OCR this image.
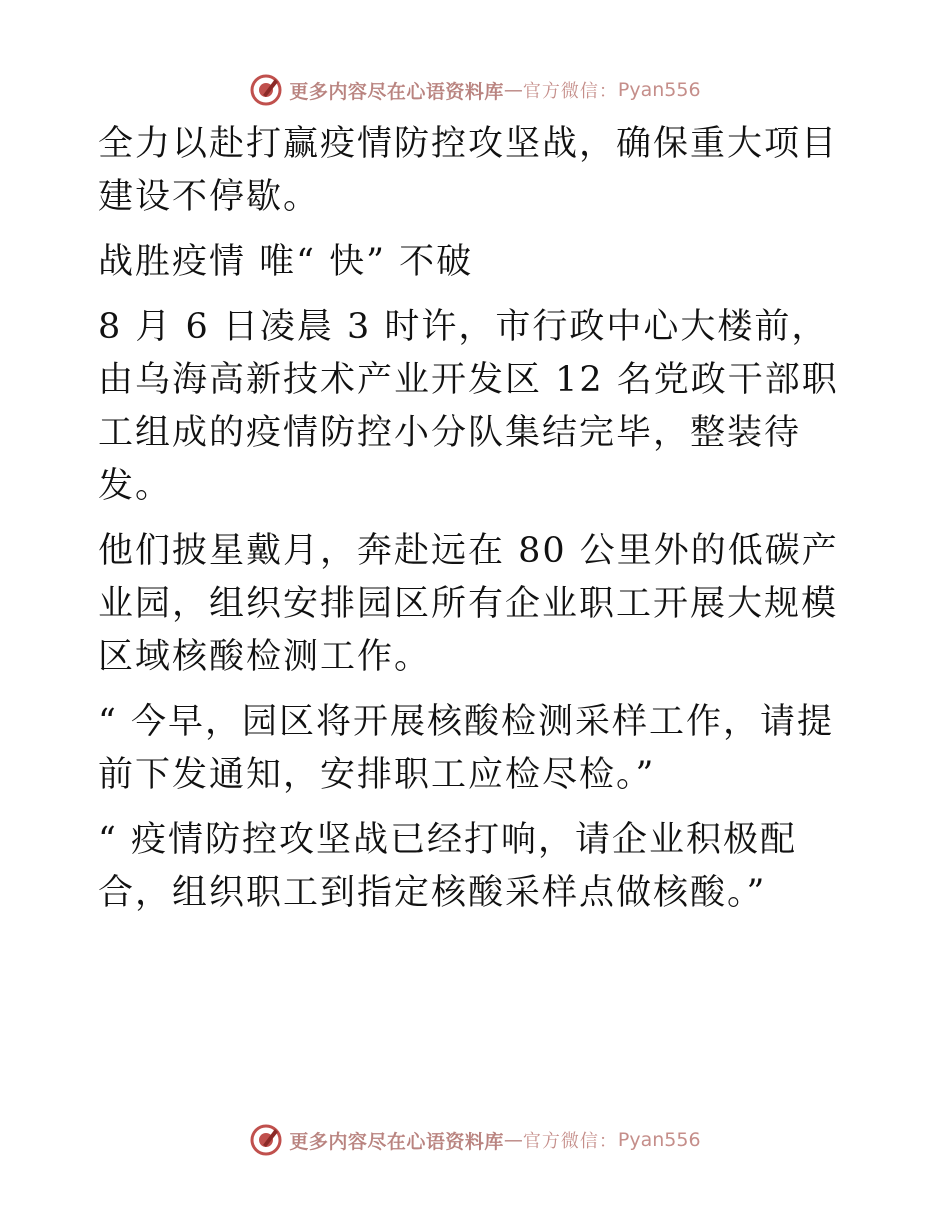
更多内容尽在心语资料库 — 官方微信： Pyan556

全力以赴打赢疫情防控攻坚战，确保重大项目建设不停歇。

战胜疫情 唯“ 快” 不破

8 月 6 日凌晨 3 时许，市行政中心大楼前，由乌海高新技术产业开发区 12 名党政干部职工组成的疫情防控小分队集结完毕，整装待发。

他们披星戴月，奔赴远在 80 公里外的低碳产业园，组织安排园区所有企业职工开展大规模区域核酸检测工作。

“ 今早，园区将开展核酸检测采样工作，请提前下发通知，安排职工应检尽检。”

“ 疫情防控攻坚战已经打响，请企业积极配合，组织职工到指定核酸采样点做核酸。”

更多内容尽在心语资料库 — 官方微信： Pyan556
